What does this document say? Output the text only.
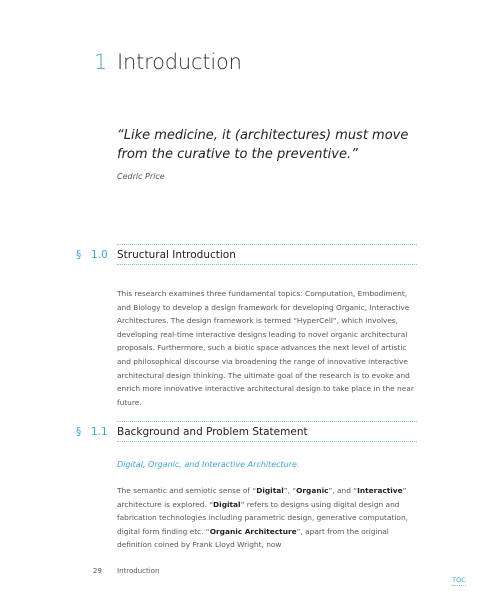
1 Introduction
“Like medicine, it (architectures) must move from the curative to the preventive.”
Cedric Price
§ 1.0 Structural Introduction
This research examines three fundamental topics: Computation, Embodiment, and Biology to develop a design framework for developing Organic, Interactive Architectures. The design framework is termed “HyperCell”, which involves, developing real-time interactive designs leading to novel organic architectural proposals. Furthermore, such a biotic space advances the next level of artistic and philosophical discourse via broadening the range of innovative interactive architectural design thinking. The ultimate goal of the research is to evoke and enrich more innovative interactive architectural design to take place in the near future.
§ 1.1 Background and Problem Statement
Digital, Organic, and Interactive Architecture.
The semantic and semiotic sense of “Digital”, “Organic”, and “Interactive” architecture is explored. “Digital” refers to designs using digital design and fabrication technologies including parametric design, generative computation, digital form finding etc. “Organic Architecture”, apart from the original definition coined by Frank Lloyd Wright, now
29 Introduction
TOC
